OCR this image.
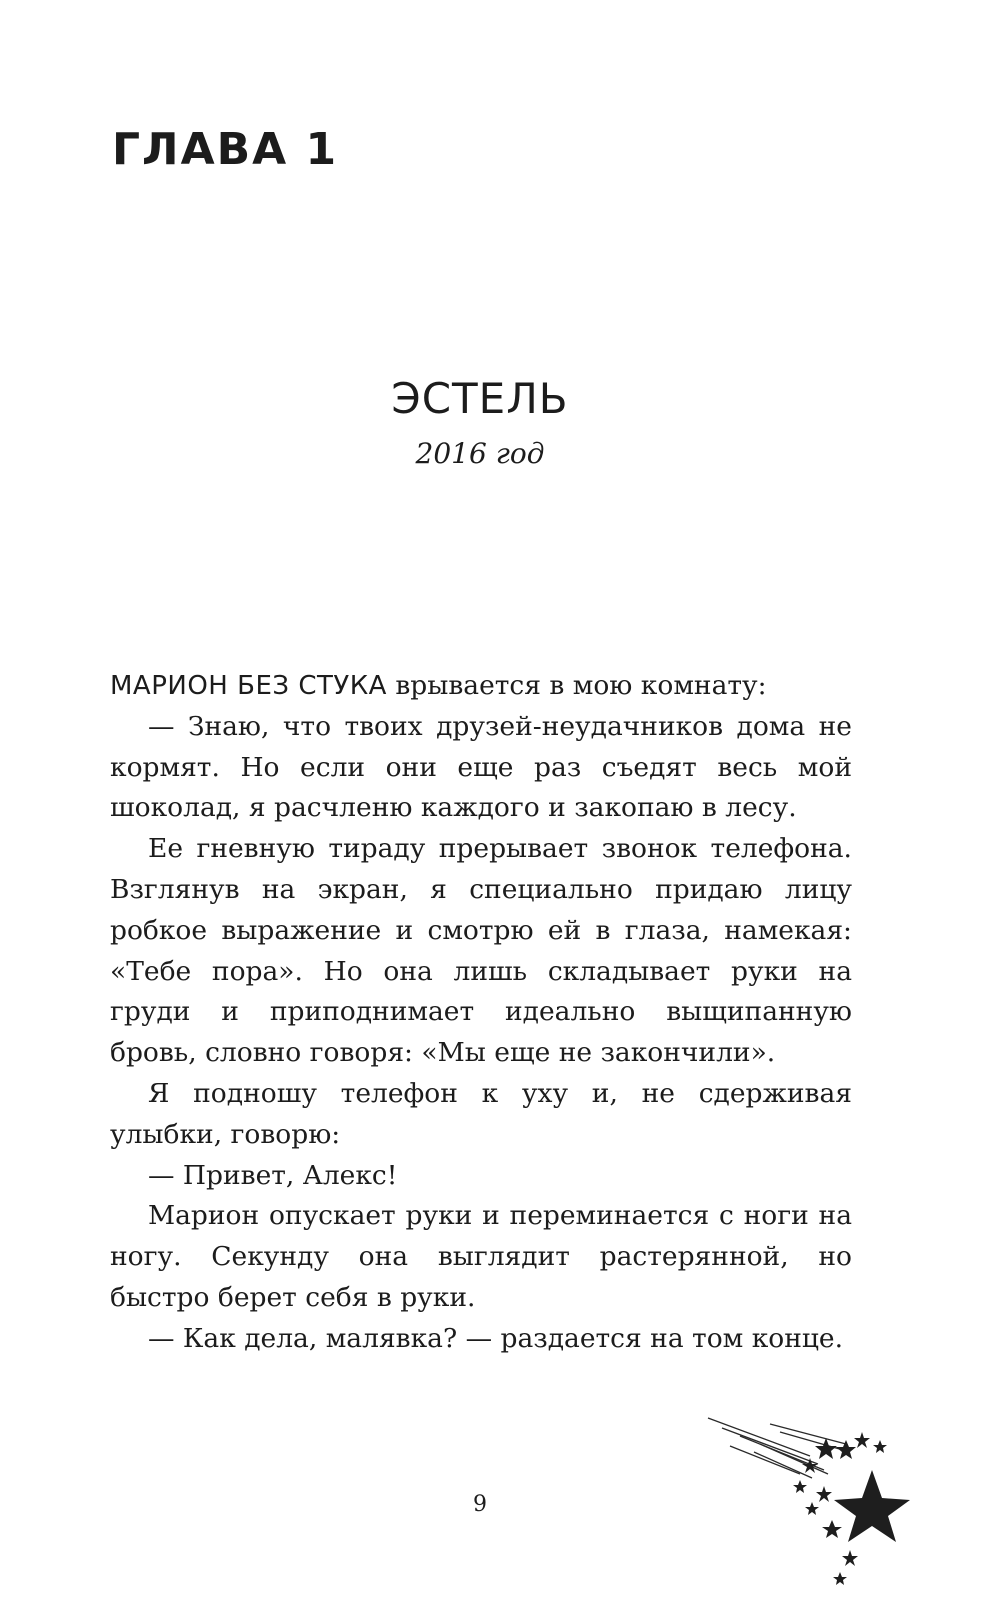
ГЛАВА 1
ЭСТЕЛЬ
2016 год

МАРИОН БЕЗ СТУКА врывается в мою комнату:

— Знаю, что твоих друзей-неудачников дома не кормят. Но если они еще раз съедят весь мой шоколад, я расчленю каждого и закопаю в лесу.

Ее гневную тираду прерывает звонок телефона. Взглянув на экран, я специально придаю лицу робкое выражение и смотрю ей в глаза, намекая: «Тебе пора». Но она лишь складывает руки на груди и приподнимает идеально выщипанную бровь, словно говоря: «Мы еще не закончили».

Я подношу телефон к уху и, не сдерживая улыбки, говорю:

— Привет, Алекс!

Марион опускает руки и переминается с ноги на ногу. Секунду она выглядит растерянной, но быстро берет себя в руки.

— Как дела, малявка? — раздается на том конце.

9
